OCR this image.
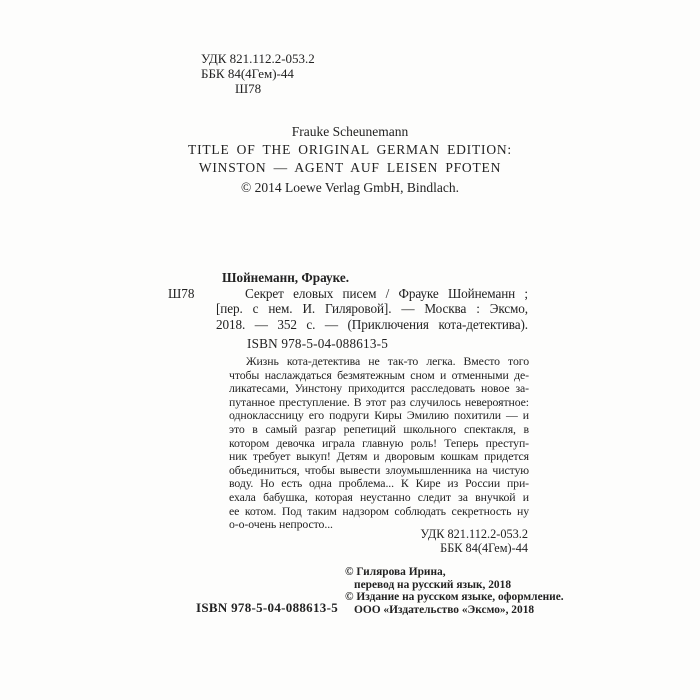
УДК 821.112.2-053.2
ББК 84(4Гем)-44
Ш78
Frauke Scheunemann
TITLE OF THE ORIGINAL GERMAN EDITION:
WINSTON — AGENT AUF LEISEN PFOTEN
© 2014 Loewe Verlag GmbH, Bindlach.
Шойнеманн, Фрауке.
Ш78	Секрет еловых писем / Фрауке Шойнеманн ;
[пер. с нем. И. Гиляровой]. — Москва : Эксмо,
2018. — 352 с. — (Приключения кота-детектива).
ISBN 978-5-04-088613-5
Жизнь кота-детектива не так-то легка. Вместо того
чтобы наслаждаться безмятежным сном и отменными де-
ликатесами, Уинстону приходится расследовать новое за-
путанное преступление. В этот раз случилось невероятное:
одноклассницу его подруги Киры Эмилию похитили — и
это в самый разгар репетиций школьного спектакля, в
котором девочка играла главную роль! Теперь преступ-
ник требует выкуп! Детям и дворовым кошкам придется
объединиться, чтобы вывести злоумышленника на чистую
воду. Но есть одна проблема... К Кире из России при-
ехала бабушка, которая неустанно следит за внучкой и
ее котом. Под таким надзором соблюдать секретность ну
о-о-очень непросто...
УДК 821.112.2-053.2
ББК 84(4Гем)-44
© Гилярова Ирина,
перевод на русский язык, 2018
© Издание на русском языке, оформление.
ООО «Издательство «Эксмо», 2018
ISBN 978-5-04-088613-5
